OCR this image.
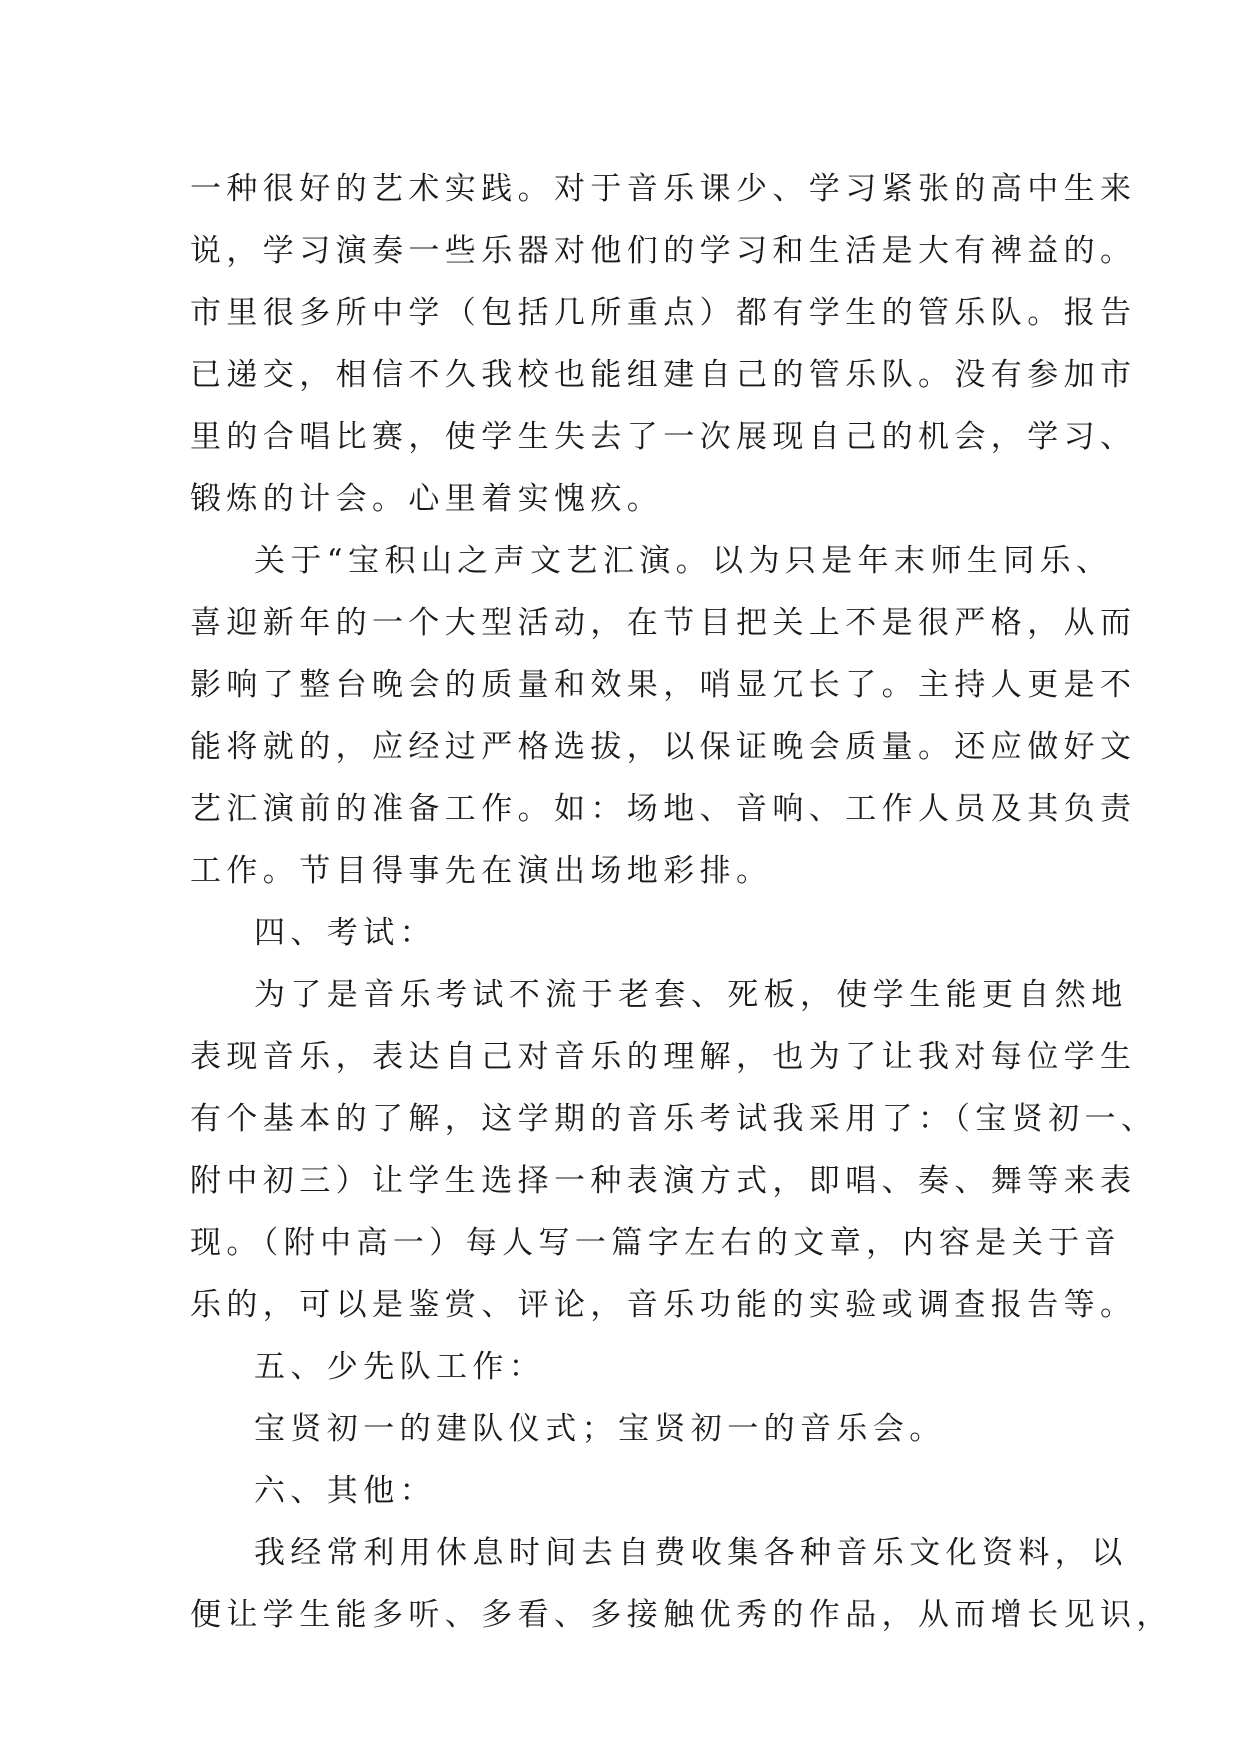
一种很好的艺术实践。对于音乐课少、学习紧张的高中生来
说，学习演奏一些乐器对他们的学习和生活是大有裨益的。
市里很多所中学（包括几所重点）都有学生的管乐队。报告
已递交，相信不久我校也能组建自己的管乐队。没有参加市
里的合唱比赛，使学生失去了一次展现自己的机会，学习、
锻炼的计会。心里着实愧疚。
关于“宝积山之声文艺汇演。以为只是年末师生同乐、
喜迎新年的一个大型活动，在节目把关上不是很严格，从而
影响了整台晚会的质量和效果，哨显冗长了。主持人更是不
能将就的，应经过严格选拔，以保证晚会质量。还应做好文
艺汇演前的准备工作。如：场地、音响、工作人员及其负责
工作。节目得事先在演出场地彩排。
四、考试：
为了是音乐考试不流于老套、死板，使学生能更自然地
表现音乐，表达自己对音乐的理解，也为了让我对每位学生
有个基本的了解，这学期的音乐考试我采用了：（宝贤初一、
附中初三）让学生选择一种表演方式，即唱、奏、舞等来表
现。（附中高一）每人写一篇字左右的文章，内容是关于音
乐的，可以是鉴赏、评论，音乐功能的实验或调查报告等。
五、少先队工作：
宝贤初一的建队仪式；宝贤初一的音乐会。
六、其他：
我经常利用休息时间去自费收集各种音乐文化资料，以
便让学生能多听、多看、多接触优秀的作品，从而增长见识，
